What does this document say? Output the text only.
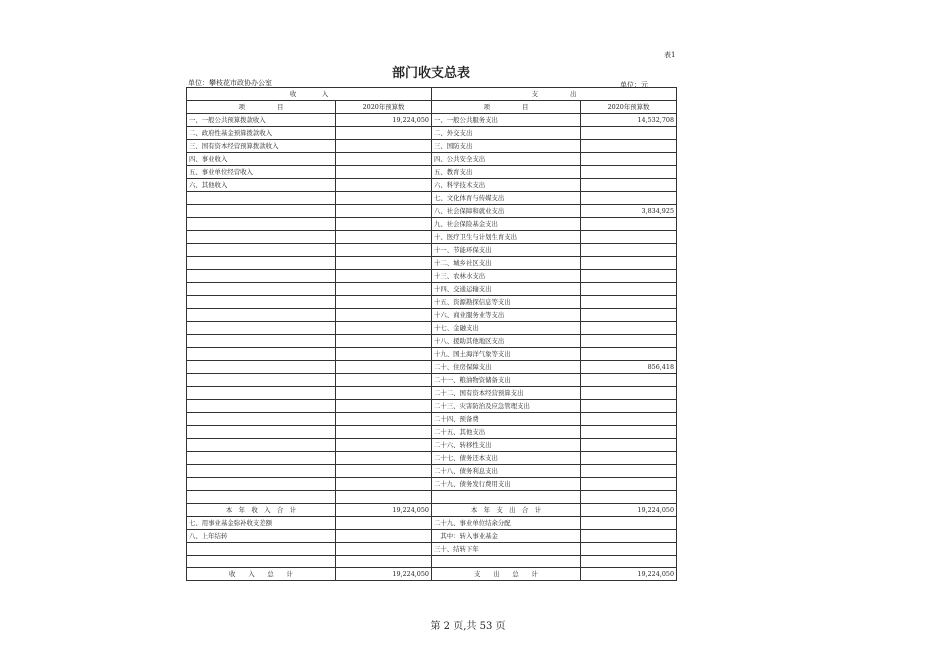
表1
部门收支总表
单位：攀枝花市政协办公室	单位：元
收　　　　入		支　　　　　出	
项　　　　　目	2020年预算数	项　　　　　目	2020年预算数
一、一般公共预算拨款收入	19,224,050	一、一般公共服务支出	14,532,708
二、政府性基金预算拨款收入		二、外交支出	
三、国有资本经营预算拨款收入		三、国防支出	
四、事业收入		四、公共安全支出	
五、事业单位经营收入		五、教育支出	
六、其他收入		六、科学技术支出	
		七、文化体育与传媒支出	
		八、社会保障和就业支出	3,834,925
		九、社会保险基金支出	
		十、医疗卫生与计划生育支出	
		十一、节能环保支出	
		十二、城乡社区支出	
		十三、农林水支出	
		十四、交通运输支出	
		十五、资源勘探信息等支出	
		十六、商业服务业等支出	
		十七、金融支出	
		十八、援助其他地区支出	
		十九、国土海洋气象等支出	
		二十、住房保障支出	856,418
		二十一、粮油物资储备支出	
		二十二、国有资本经营预算支出	
		二十三、灾害防治及应急管理支出	
		二十四、预备费	
		二十五、其他支出	
		二十六、转移性支出	
		二十七、债务还本支出	
		二十八、债务利息支出	
		二十九、债务发行费用支出	

本　年　收　入　合　计	19,224,050	本　年　支　出　合　计	19,224,050
七、用事业基金弥补收支差额		二十九、事业单位结余分配	
八、上年结转		　其中：转入事业基金	
		三十、结转下年	

收　　入　　总　　计	19,224,050	支　　出　　总　　计	19,224,050
第 2 页,共 53 页
